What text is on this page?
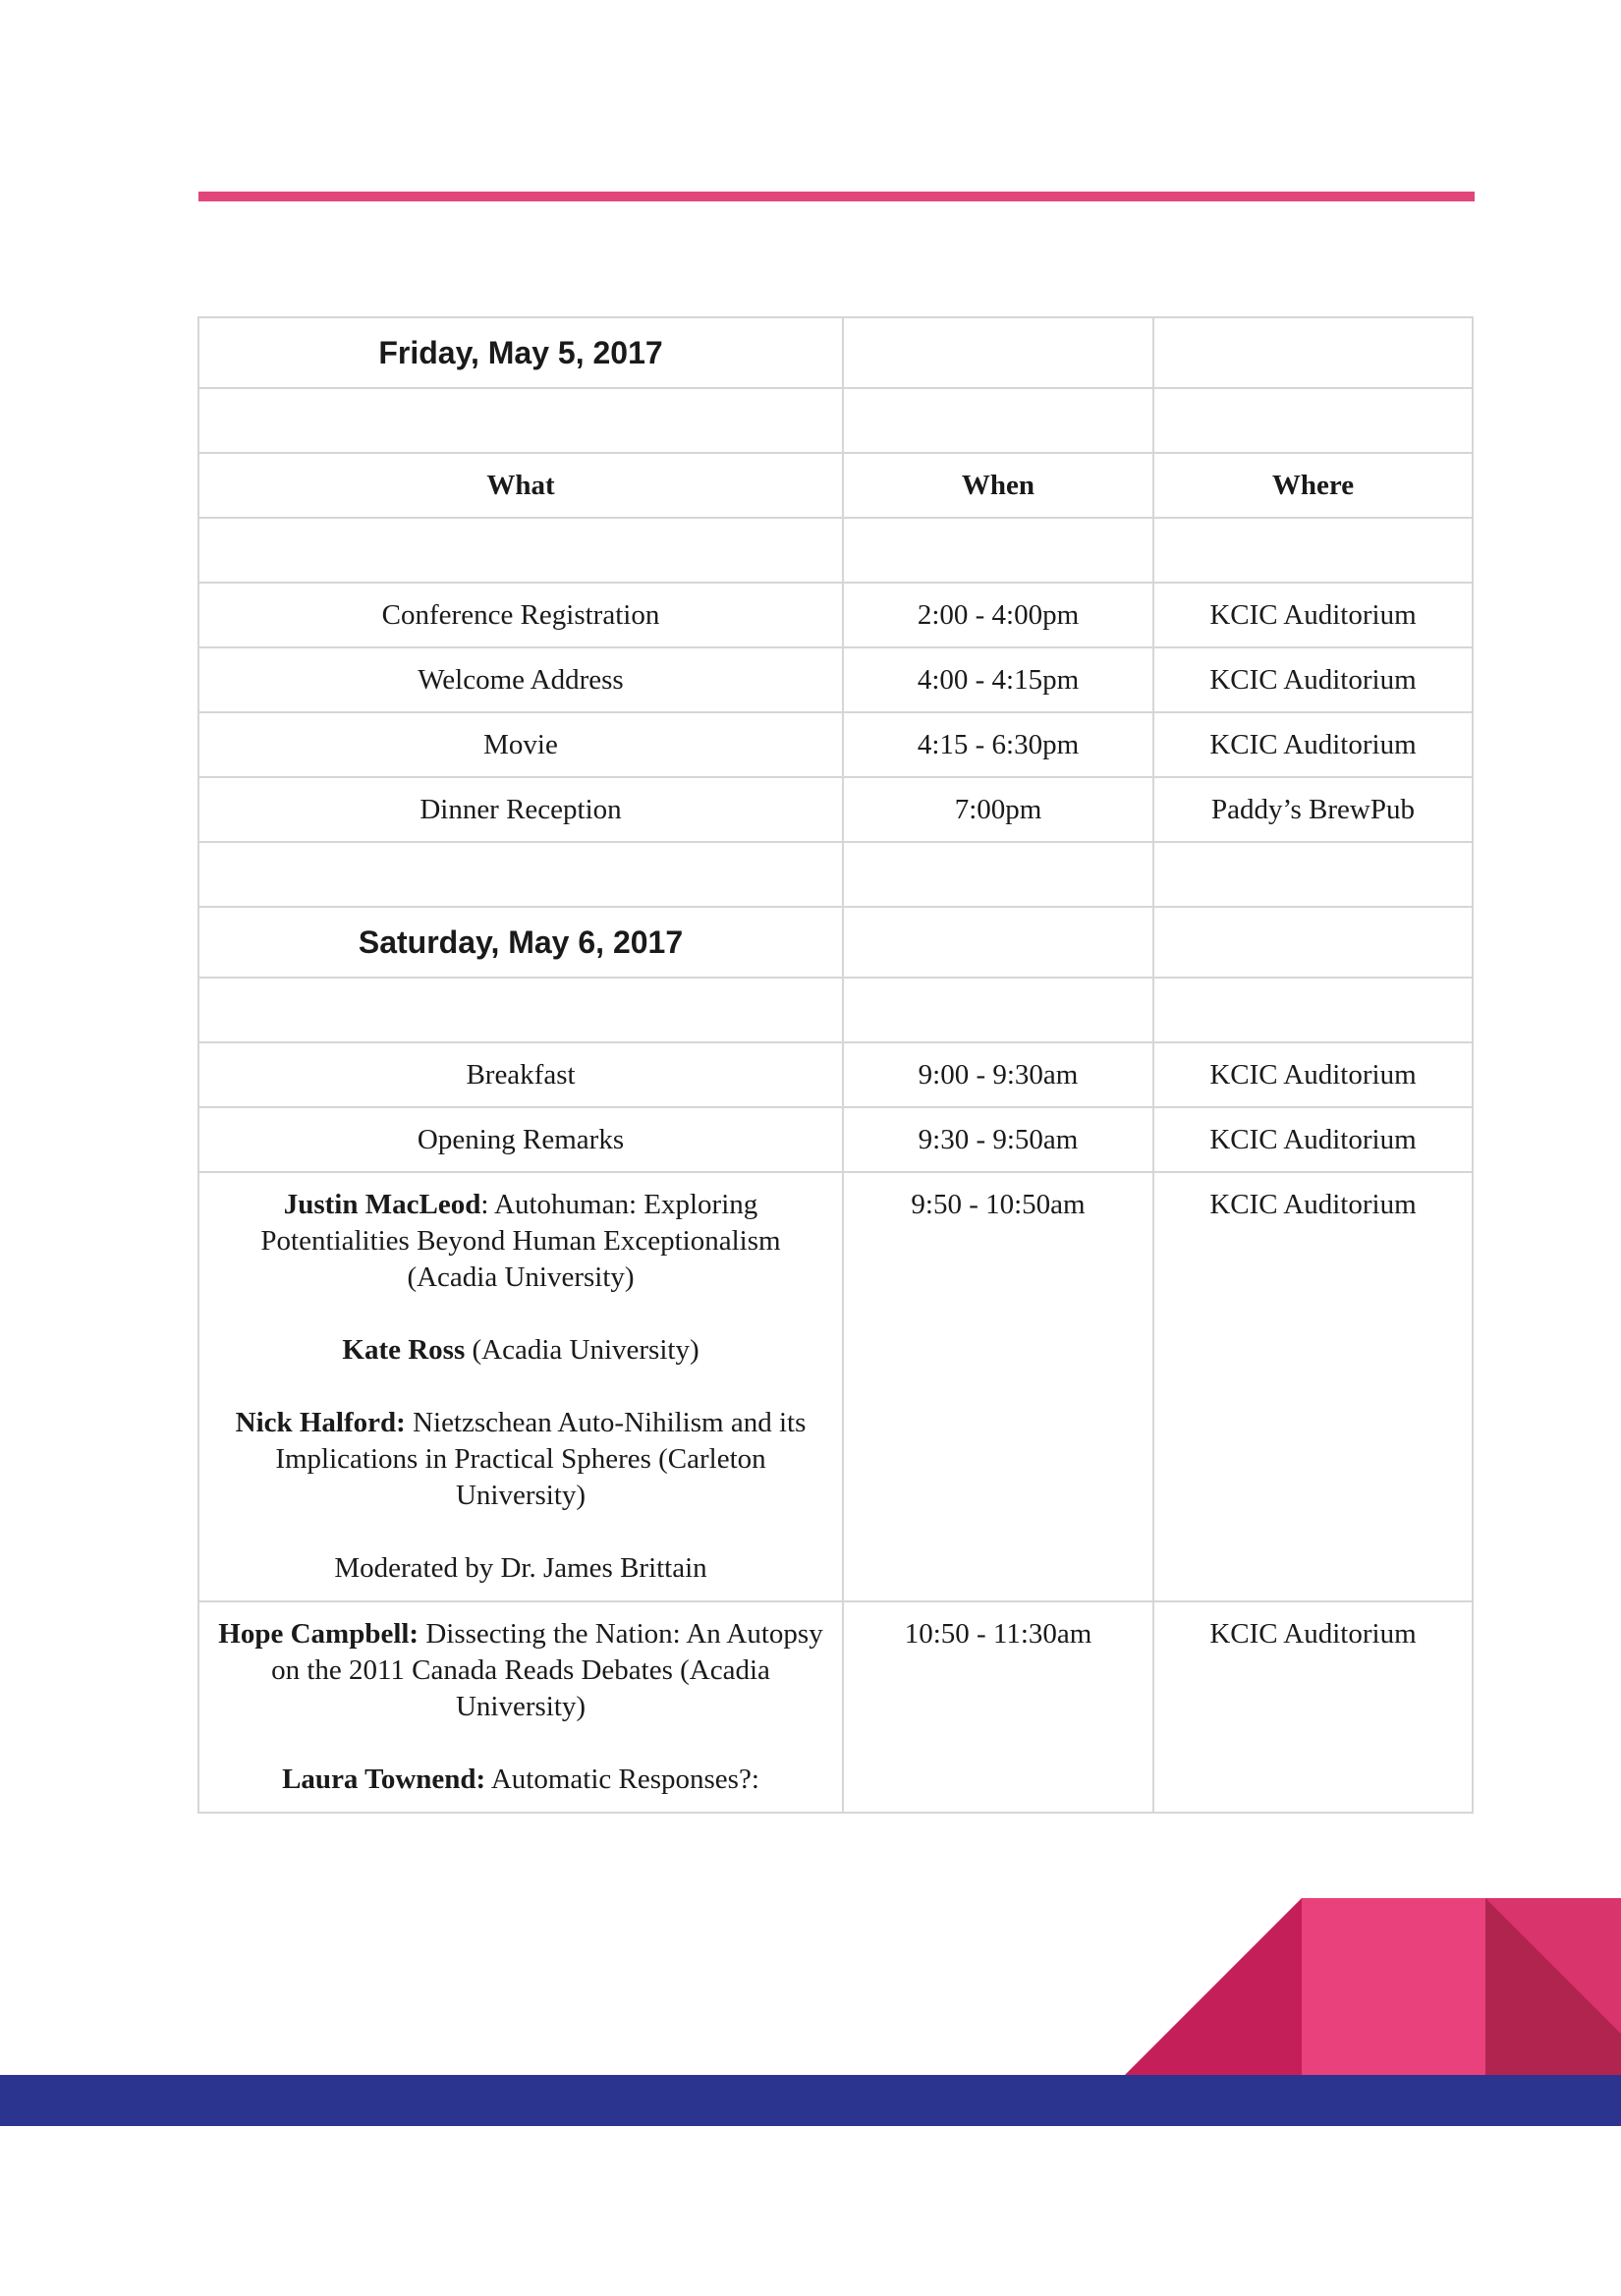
Friday, May 5, 2017		

What	When	Where

Conference Registration	2:00 - 4:00pm	KCIC Auditorium
Welcome Address	4:00 - 4:15pm	KCIC Auditorium
Movie	4:15 - 6:30pm	KCIC Auditorium
Dinner Reception	7:00pm	Paddy’s BrewPub

Saturday, May 6, 2017		

Breakfast	9:00 - 9:30am	KCIC Auditorium
Opening Remarks	9:30 - 9:50am	KCIC Auditorium

Justin MacLeod: Autohuman: Exploring Potentialities Beyond Human Exceptionalism (Acadia University)

Kate Ross (Acadia University)

Nick Halford: Nietzschean Auto-Nihilism and its Implications in Practical Spheres (Carleton University)

Moderated by Dr. James Brittain	9:50 - 10:50am	KCIC Auditorium

Hope Campbell: Dissecting the Nation: An Autopsy on the 2011 Canada Reads Debates (Acadia University)

Laura Townend: Automatic Responses?:	10:50 - 11:30am	KCIC Auditorium
